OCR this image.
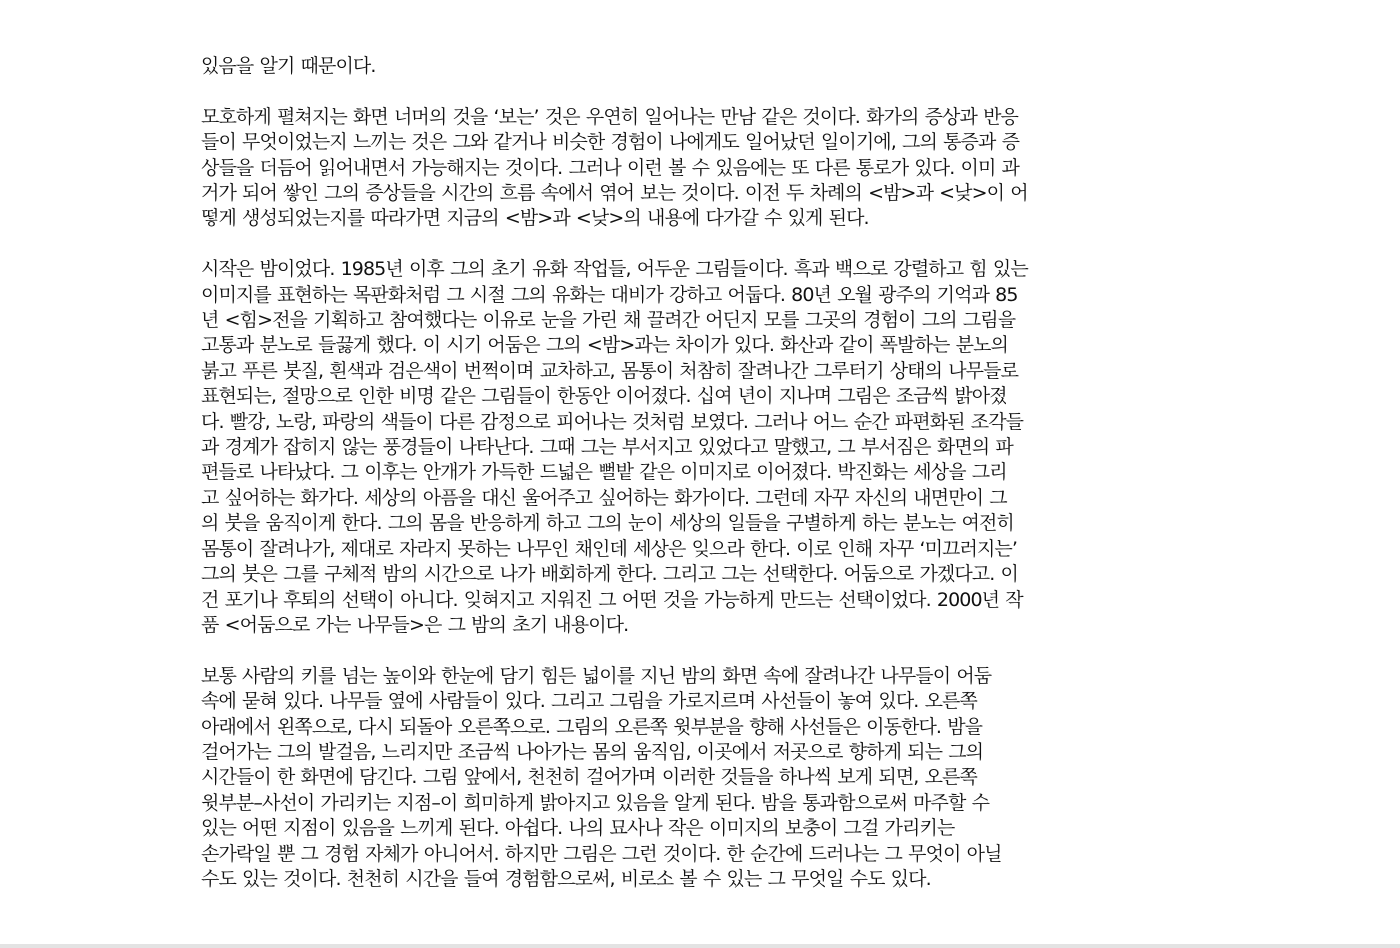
있음을 알기 때문이다.

모호하게 펼쳐지는 화면 너머의 것을 ‘보는’ 것은 우연히 일어나는 만남 같은 것이다. 화가의 증상과 반응
들이 무엇이었는지 느끼는 것은 그와 같거나 비슷한 경험이 나에게도 일어났던 일이기에, 그의 통증과 증
상들을 더듬어 읽어내면서 가능해지는 것이다. 그러나 이런 볼 수 있음에는 또 다른 통로가 있다. 이미 과
거가 되어 쌓인 그의 증상들을 시간의 흐름 속에서 엮어 보는 것이다. 이전 두 차례의 <밤>과 <낮>이 어
떻게 생성되었는지를 따라가면 지금의 <밤>과 <낮>의 내용에 다가갈 수 있게 된다.

시작은 밤이었다. 1985년 이후 그의 초기 유화 작업들, 어두운 그림들이다. 흑과 백으로 강렬하고 힘 있는
이미지를 표현하는 목판화처럼 그 시절 그의 유화는 대비가 강하고 어둡다. 80년 오월 광주의 기억과 85
년 <힘>전을 기획하고 참여했다는 이유로 눈을 가린 채 끌려간 어딘지 모를 그곳의 경험이 그의 그림을
고통과 분노로 들끓게 했다. 이 시기 어둠은 그의 <밤>과는 차이가 있다. 화산과 같이 폭발하는 분노의
붉고 푸른 붓질, 흰색과 검은색이 번쩍이며 교차하고, 몸통이 처참히 잘려나간 그루터기 상태의 나무들로
표현되는, 절망으로 인한 비명 같은 그림들이 한동안 이어졌다. 십여 년이 지나며 그림은 조금씩 밝아졌
다. 빨강, 노랑, 파랑의 색들이 다른 감정으로 피어나는 것처럼 보였다. 그러나 어느 순간 파편화된 조각들
과 경계가 잡히지 않는 풍경들이 나타난다. 그때 그는 부서지고 있었다고 말했고, 그 부서짐은 화면의 파
편들로 나타났다. 그 이후는 안개가 가득한 드넓은 뻘밭 같은 이미지로 이어졌다. 박진화는 세상을 그리
고 싶어하는 화가다. 세상의 아픔을 대신 울어주고 싶어하는 화가이다. 그런데 자꾸 자신의 내면만이 그
의 붓을 움직이게 한다. 그의 몸을 반응하게 하고 그의 눈이 세상의 일들을 구별하게 하는 분노는 여전히
몸통이 잘려나가, 제대로 자라지 못하는 나무인 채인데 세상은 잊으라 한다. 이로 인해 자꾸 ‘미끄러지는’
그의 붓은 그를 구체적 밤의 시간으로 나가 배회하게 한다. 그리고 그는 선택한다. 어둠으로 가겠다고. 이
건 포기나 후퇴의 선택이 아니다. 잊혀지고 지워진 그 어떤 것을 가능하게 만드는 선택이었다. 2000년 작
품 <어둠으로 가는 나무들>은 그 밤의 초기 내용이다.

보통 사람의 키를 넘는 높이와 한눈에 담기 힘든 넓이를 지닌 밤의 화면 속에 잘려나간 나무들이 어둠
속에 묻혀 있다. 나무들 옆에 사람들이 있다. 그리고 그림을 가로지르며 사선들이 놓여 있다. 오른쪽
아래에서 왼쪽으로, 다시 되돌아 오른쪽으로. 그림의 오른쪽 윗부분을 향해 사선들은 이동한다. 밤을
걸어가는 그의 발걸음, 느리지만 조금씩 나아가는 몸의 움직임, 이곳에서 저곳으로 향하게 되는 그의
시간들이 한 화면에 담긴다. 그림 앞에서, 천천히 걸어가며 이러한 것들을 하나씩 보게 되면, 오른쪽
윗부분–사선이 가리키는 지점–이 희미하게 밝아지고 있음을 알게 된다. 밤을 통과함으로써 마주할 수
있는 어떤 지점이 있음을 느끼게 된다. 아쉽다. 나의 묘사나 작은 이미지의 보충이 그걸 가리키는
손가락일 뿐 그 경험 자체가 아니어서. 하지만 그림은 그런 것이다. 한 순간에 드러나는 그 무엇이 아닐
수도 있는 것이다. 천천히 시간을 들여 경험함으로써, 비로소 볼 수 있는 그 무엇일 수도 있다.
